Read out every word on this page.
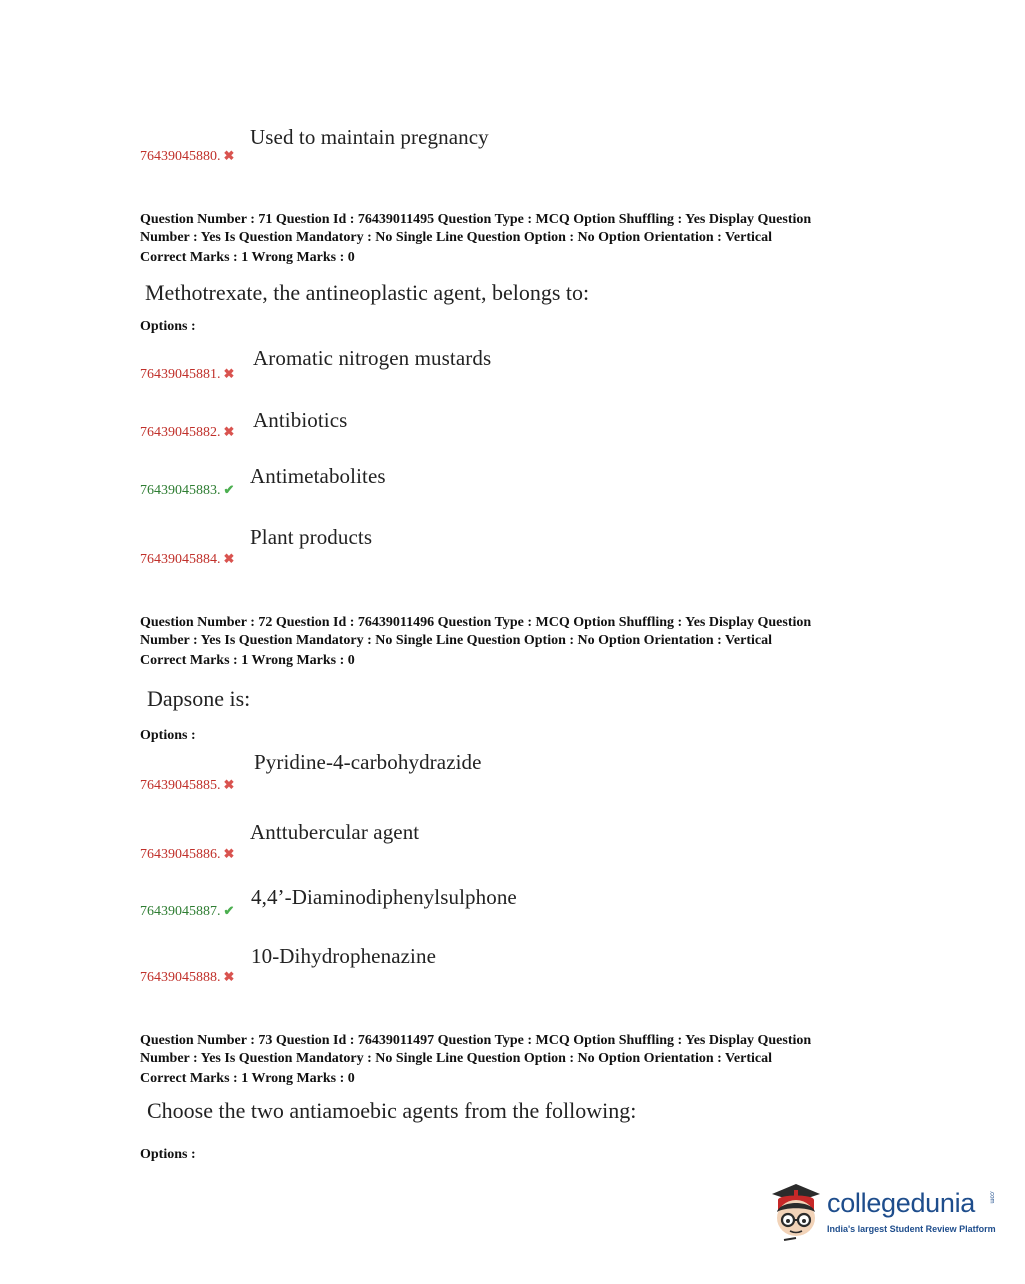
Used to maintain pregnancy
76439045880. ✖
Question Number : 71 Question Id : 76439011495 Question Type : MCQ Option Shuffling : Yes Display Question
Number : Yes Is Question Mandatory : No Single Line Question Option : No Option Orientation : Vertical
Correct Marks : 1 Wrong Marks : 0
Methotrexate, the antineoplastic agent, belongs to:
Options :
Aromatic nitrogen mustards
76439045881. ✖
Antibiotics
76439045882. ✖
Antimetabolites
76439045883. ✔
Plant products
76439045884. ✖
Question Number : 72 Question Id : 76439011496 Question Type : MCQ Option Shuffling : Yes Display Question
Number : Yes Is Question Mandatory : No Single Line Question Option : No Option Orientation : Vertical
Correct Marks : 1 Wrong Marks : 0
Dapsone is:
Options :
Pyridine-4-carbohydrazide
76439045885. ✖
Anttubercular agent
76439045886. ✖
4,4’-Diaminodiphenylsulphone
76439045887. ✔
10-Dihydrophenazine
76439045888. ✖
Question Number : 73 Question Id : 76439011497 Question Type : MCQ Option Shuffling : Yes Display Question
Number : Yes Is Question Mandatory : No Single Line Question Option : No Option Orientation : Vertical
Correct Marks : 1 Wrong Marks : 0
Choose the two antiamoebic agents from the following:
Options :
collegedunia .com
India's largest Student Review Platform
